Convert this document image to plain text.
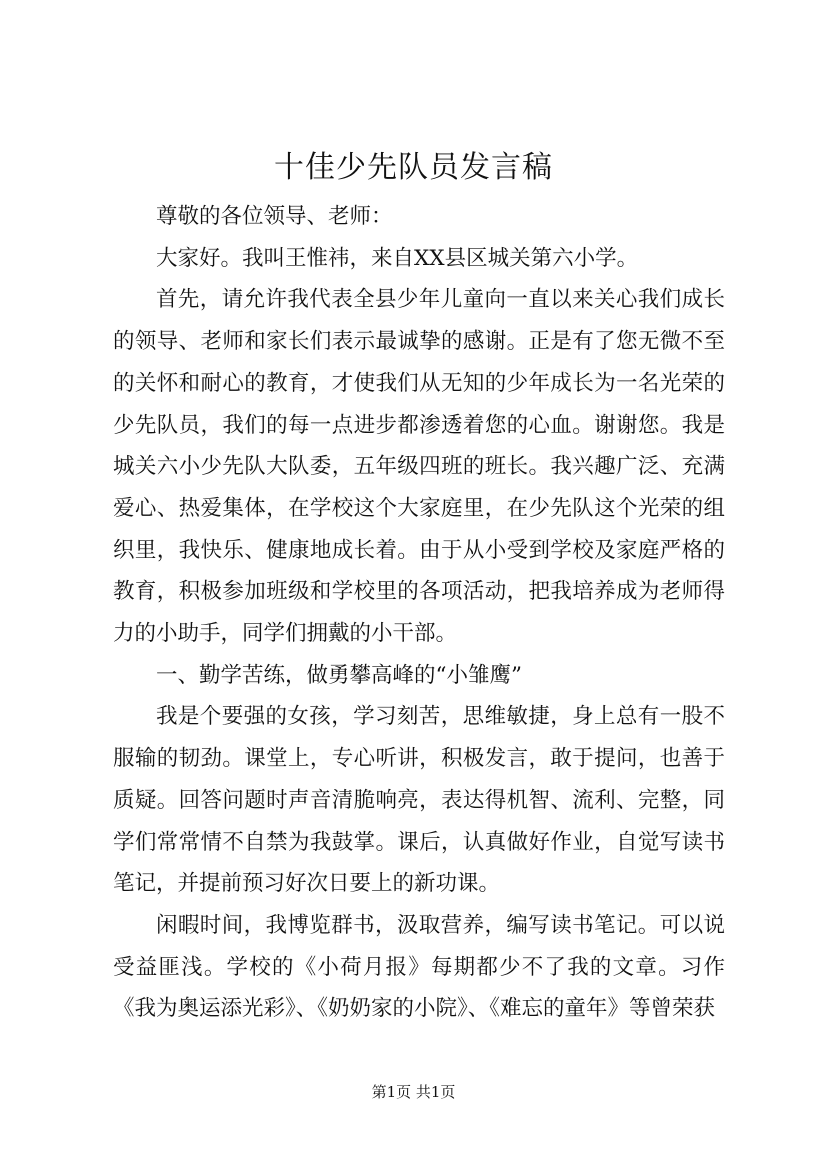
十佳少先队员发言稿

尊敬的各位领导、老师：

大家好。我叫王惟祎，来自XX县区城关第六小学。

首先，请允许我代表全县少年儿童向一直以来关心我们成长的领导、老师和家长们表示最诚挚的感谢。正是有了您无微不至的关怀和耐心的教育，才使我们从无知的少年成长为一名光荣的少先队员，我们的每一点进步都渗透着您的心血。谢谢您。我是城关六小少先队大队委，五年级四班的班长。我兴趣广泛、充满爱心、热爱集体，在学校这个大家庭里，在少先队这个光荣的组织里，我快乐、健康地成长着。由于从小受到学校及家庭严格的教育，积极参加班级和学校里的各项活动，把我培养成为老师得力的小助手，同学们拥戴的小干部。

一、勤学苦练，做勇攀高峰的“小雏鹰”

我是个要强的女孩，学习刻苦，思维敏捷，身上总有一股不服输的韧劲。课堂上，专心听讲，积极发言，敢于提问，也善于质疑。回答问题时声音清脆响亮，表达得机智、流利、完整，同学们常常情不自禁为我鼓掌。课后，认真做好作业，自觉写读书笔记，并提前预习好次日要上的新功课。

闲暇时间，我博览群书，汲取营养，编写读书笔记。可以说受益匪浅。学校的《小荷月报》每期都少不了我的文章。习作《我为奥运添光彩》、《奶奶家的小院》、《难忘的童年》等曾荣获

第1页 共1页
